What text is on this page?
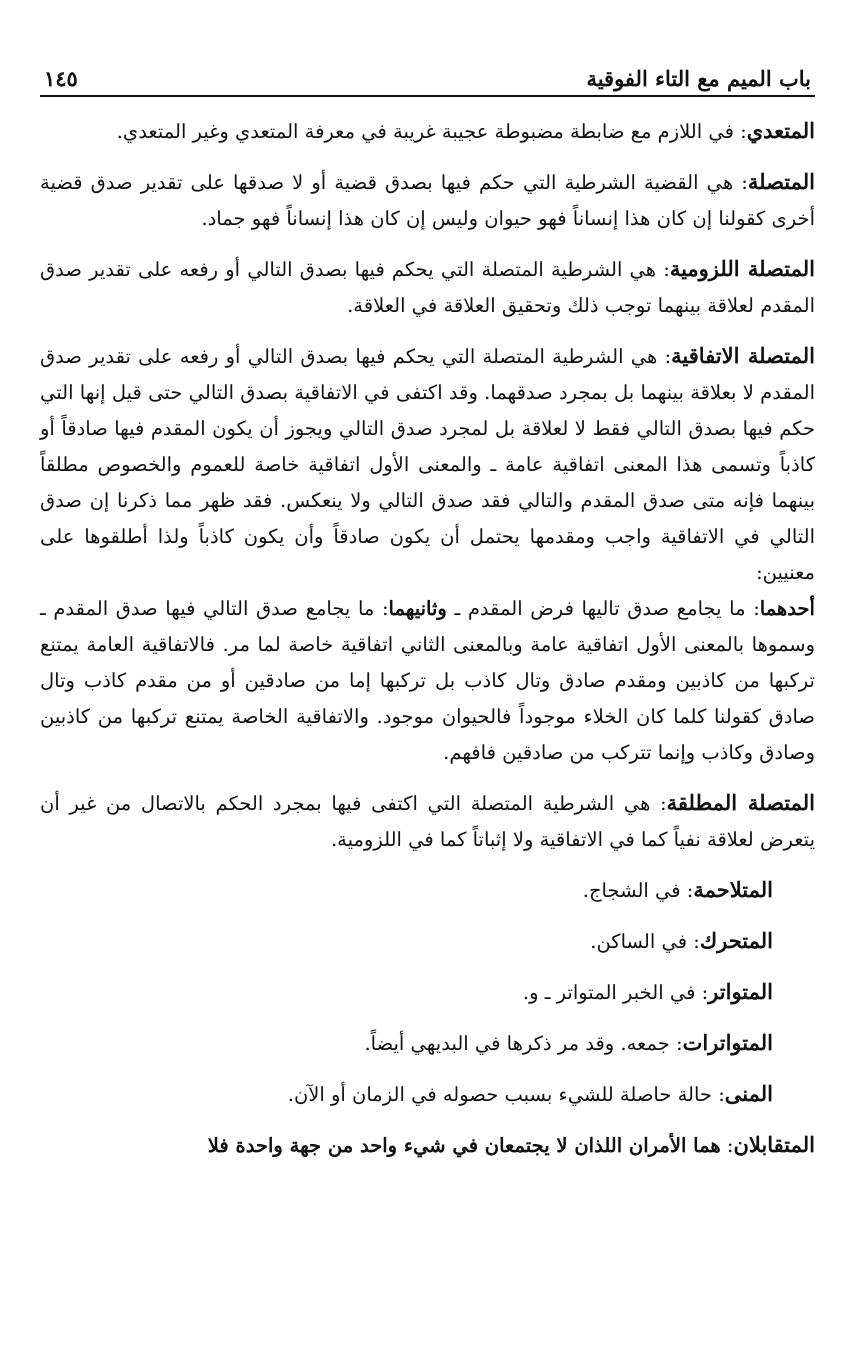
باب الميم مع التاء الفوقية
١٤٥

المتعدي: في اللازم مع ضابطة مضبوطة عجيبة غريبة في معرفة المتعدي وغير المتعدي.

المتصلة: هي القضية الشرطية التي حكم فيها بصدق قضية أو لا صدقها على تقدير صدق قضية أخرى كقولنا إن كان هذا إنساناً فهو حيوان وليس إن كان هذا إنساناً فهو جماد.

المتصلة اللزومية: هي الشرطية المتصلة التي يحكم فيها بصدق التالي أو رفعه على تقدير صدق المقدم لعلاقة بينهما توجب ذلك وتحقيق العلاقة في العلاقة.

المتصلة الاتفاقية: هي الشرطية المتصلة التي يحكم فيها بصدق التالي أو رفعه على تقدير صدق المقدم لا بعلاقة بينهما بل بمجرد صدقهما. وقد اكتفى في الاتفاقية بصدق التالي حتى قيل إنها التي حكم فيها بصدق التالي فقط لا لعلاقة بل لمجرد صدق التالي ويجوز أن يكون المقدم فيها صادقاً أو كاذباً وتسمى هذا المعنى اتفاقية عامة ـ والمعنى الأول اتفاقية خاصة للعموم والخصوص مطلقاً بينهما فإنه متى صدق المقدم والتالي فقد صدق التالي ولا ينعكس. فقد ظهر مما ذكرنا إن صدق التالي في الاتفاقية واجب ومقدمها يحتمل أن يكون صادقاً وأن يكون كاذباً ولذا أطلقوها على معنيين:
أحدهما: ما يجامع صدق تاليها فرض المقدم ـ وثانيهما: ما يجامع صدق التالي فيها صدق المقدم ـ وسموها بالمعنى الأول اتفاقية عامة وبالمعنى الثاني اتفاقية خاصة لما مر. فالاتفاقية العامة يمتنع تركبها من كاذبين ومقدم صادق وتال كاذب بل تركبها إما من صادقين أو من مقدم كاذب وتال صادق كقولنا كلما كان الخلاء موجوداً فالحيوان موجود. والاتفاقية الخاصة يمتنع تركبها من كاذبين وصادق وكاذب وإنما تتركب من صادقين فافهم.

المتصلة المطلقة: هي الشرطية المتصلة التي اكتفى فيها بمجرد الحكم بالاتصال من غير أن يتعرض لعلاقة نفياً كما في الاتفاقية ولا إثباتاً كما في اللزومية.

المتلاحمة: في الشجاج.

المتحرك: في الساكن.

المتواتر: في الخبر المتواتر ـ و.

المتواترات: جمعه. وقد مر ذكرها في البديهي أيضاً.

المنى: حالة حاصلة للشيء بسبب حصوله في الزمان أو الآن.

المتقابلان: هما الأمران اللذان لا يجتمعان في شيء واحد من جهة واحدة فلا
